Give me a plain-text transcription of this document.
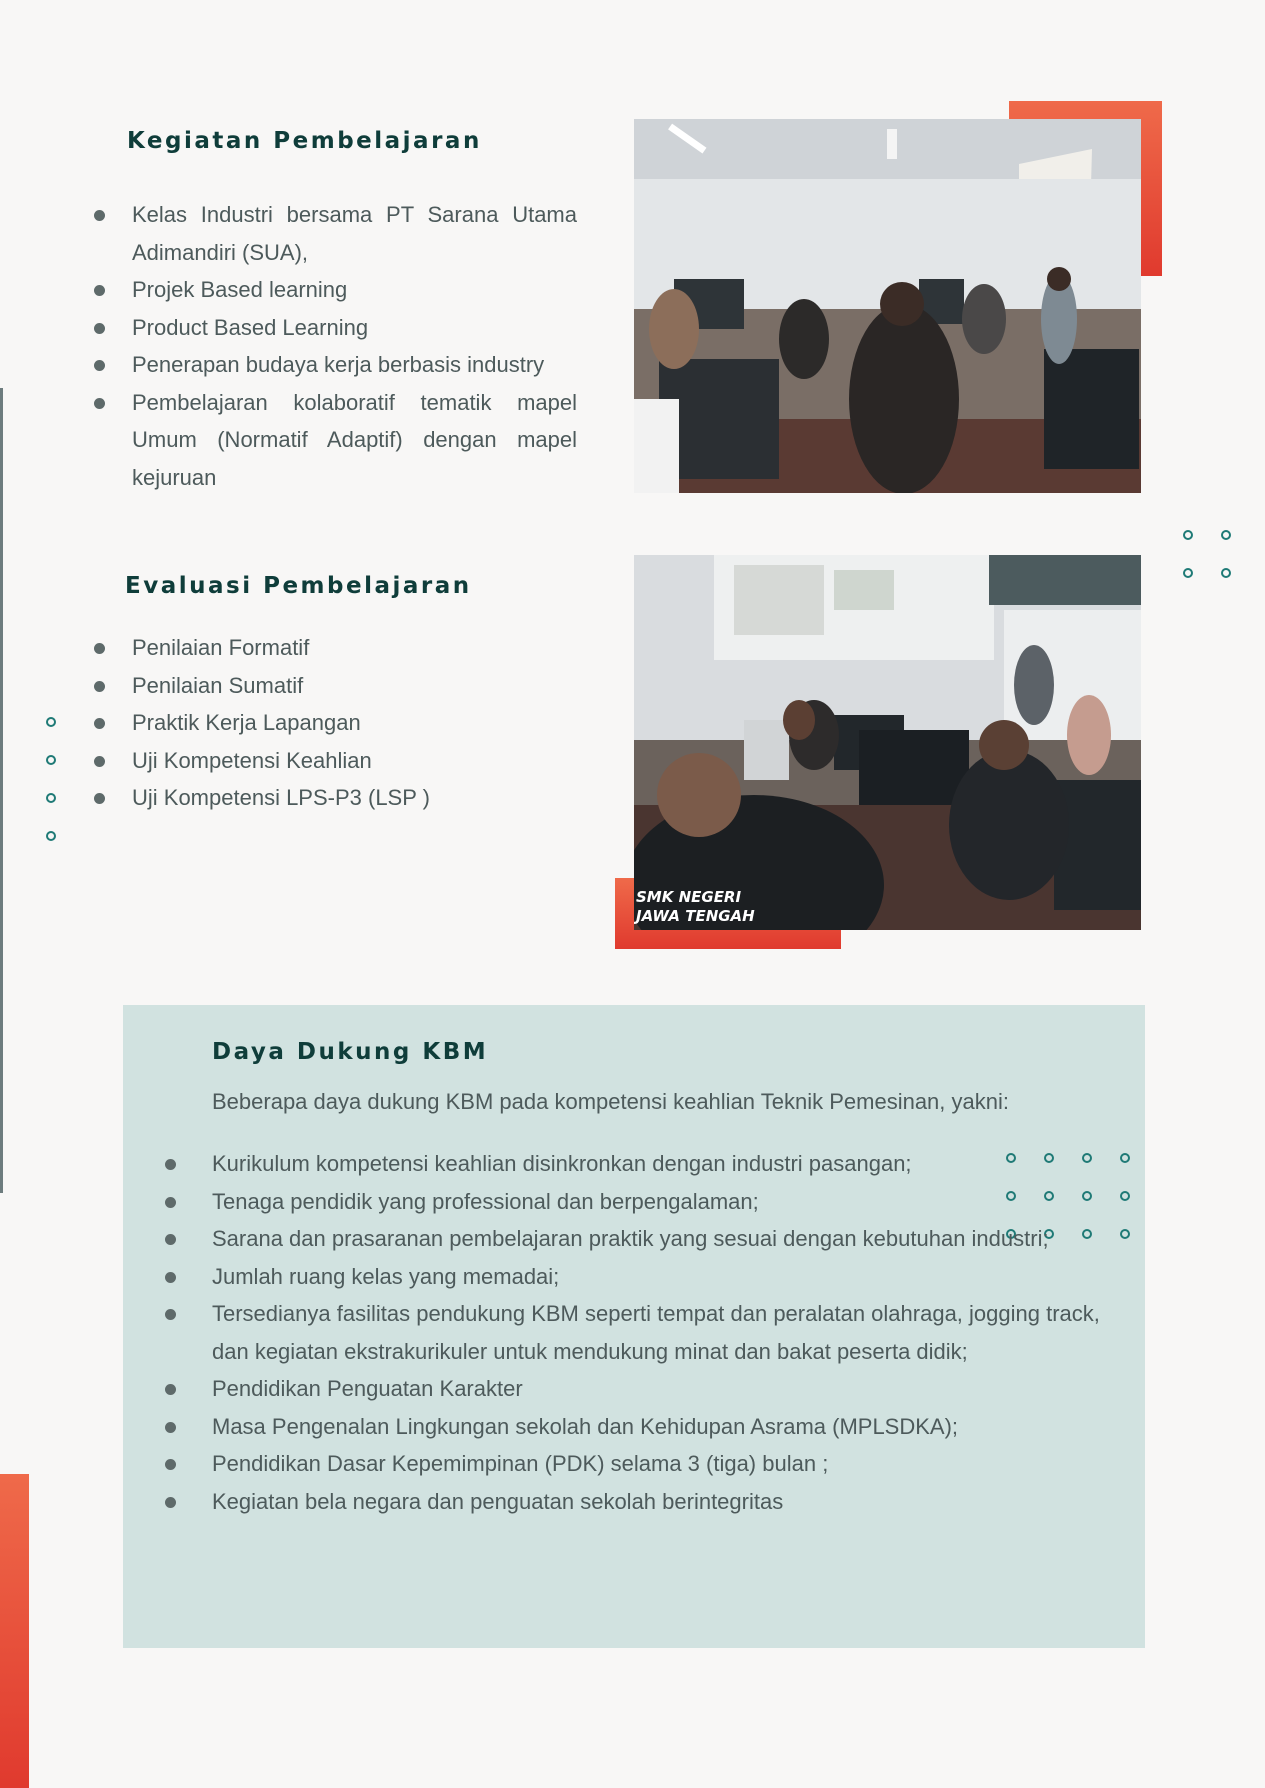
Kegiatan Pembelajaran
Kelas Industri bersama PT Sarana Utama Adimandiri (SUA),
Projek Based learning
Product Based Learning
Penerapan budaya kerja berbasis industry
Pembelajaran kolaboratif tematik mapel Umum (Normatif Adaptif) dengan mapel kejuruan
Evaluasi Pembelajaran
Penilaian Formatif
Penilaian Sumatif
Praktik Kerja Lapangan
Uji Kompetensi Keahlian
Uji Kompetensi LPS-P3 (LSP )
SMK NEGERI
JAWA TENGAH
Daya Dukung KBM

Beberapa daya dukung KBM pada kompetensi keahlian Teknik Pemesinan, yakni:

Kurikulum kompetensi keahlian disinkronkan dengan industri pasangan;
Tenaga pendidik yang professional dan berpengalaman;
Sarana dan prasaranan pembelajaran praktik yang sesuai dengan kebutuhan industri;
Jumlah ruang kelas yang memadai;
Tersedianya fasilitas pendukung KBM seperti tempat dan peralatan olahraga, jogging track, dan kegiatan ekstrakurikuler untuk mendukung minat dan bakat peserta didik;
Pendidikan Penguatan Karakter
Masa Pengenalan Lingkungan sekolah dan Kehidupan Asrama (MPLSDKA);
Pendidikan Dasar Kepemimpinan (PDK) selama 3 (tiga) bulan ;
Kegiatan bela negara dan penguatan sekolah berintegritas
